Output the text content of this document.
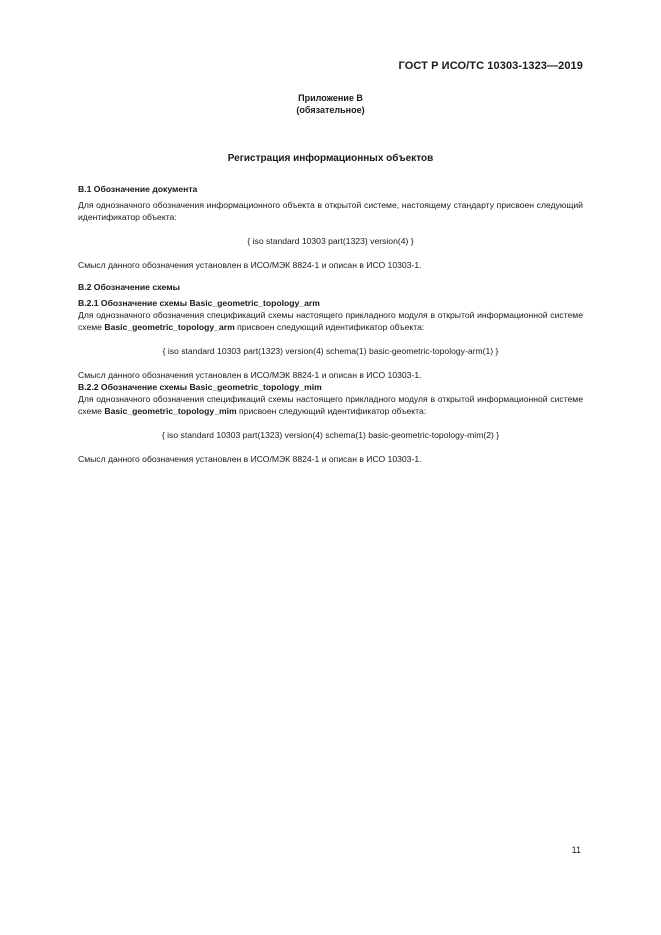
ГОСТ Р ИСО/ТС 10303-1323—2019
Приложение В
(обязательное)
Регистрация информационных объектов

В.1 Обозначение документа

Для однозначного обозначения информационного объекта в открытой системе, настоящему стандарту присвоен следующий идентификатор объекта:

{ iso standard 10303 part(1323) version(4) }

Смысл данного обозначения установлен в ИСО/МЭК 8824-1 и описан в ИСО 10303-1.

В.2 Обозначение схемы

В.2.1 Обозначение схемы Basic_geometric_topology_arm

Для однозначного обозначения спецификаций схемы настоящего прикладного модуля в открытой информационной системе схеме Basic_geometric_topology_arm присвоен следующий идентификатор объекта:

{ iso standard 10303 part(1323) version(4) schema(1) basic-geometric-topology-arm(1) }

Смысл данного обозначения установлен в ИСО/МЭК 8824-1 и описан в ИСО 10303-1.

В.2.2 Обозначение схемы Basic_geometric_topology_mim

Для однозначного обозначения спецификаций схемы настоящего прикладного модуля в открытой информационной системе схеме Basic_geometric_topology_mim присвоен следующий идентификатор объекта:

{ iso standard 10303 part(1323) version(4) schema(1) basic-geometric-topology-mim(2) }

Смысл данного обозначения установлен в ИСО/МЭК 8824-1 и описан в ИСО 10303-1.

11
